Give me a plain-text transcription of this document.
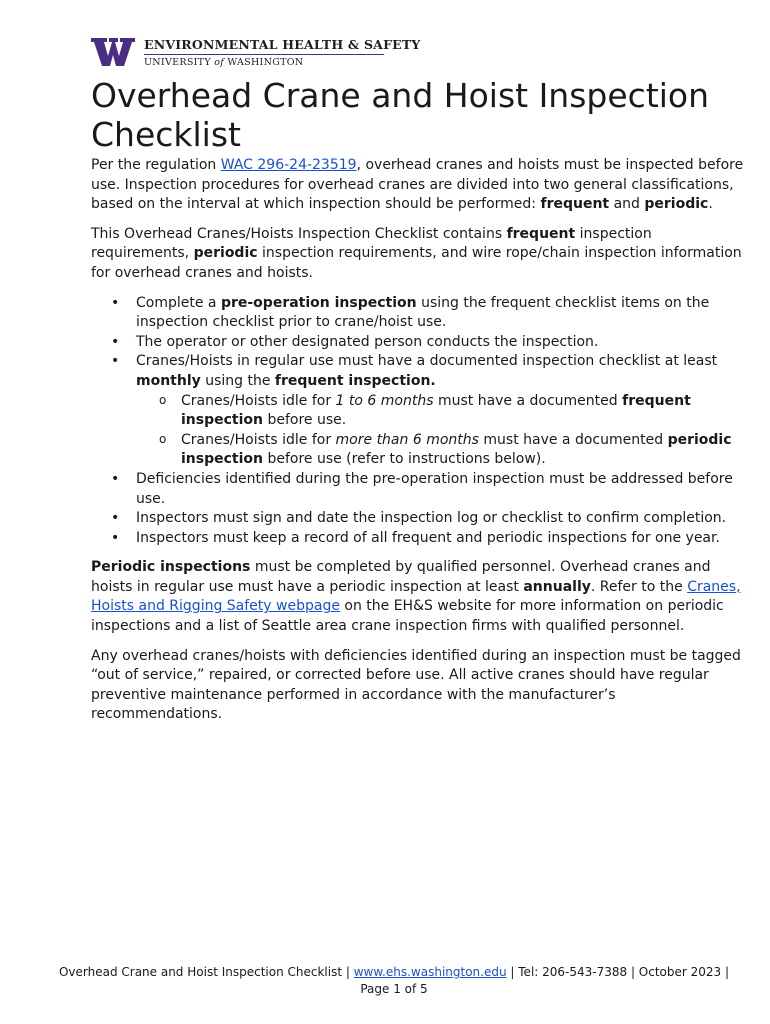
ENVIRONMENTAL HEALTH & SAFETY
UNIVERSITY of WASHINGTON
Overhead Crane and Hoist Inspection Checklist

Per the regulation WAC 296-24-23519, overhead cranes and hoists must be inspected before use. Inspection procedures for overhead cranes are divided into two general classifications, based on the interval at which inspection should be performed: frequent and periodic.

This Overhead Cranes/Hoists Inspection Checklist contains frequent inspection requirements, periodic inspection requirements, and wire rope/chain inspection information for overhead cranes and hoists.

• Complete a pre-operation inspection using the frequent checklist items on the inspection checklist prior to crane/hoist use.
• The operator or other designated person conducts the inspection.
• Cranes/Hoists in regular use must have a documented inspection checklist at least monthly using the frequent inspection.
o Cranes/Hoists idle for 1 to 6 months must have a documented frequent inspection before use.
o Cranes/Hoists idle for more than 6 months must have a documented periodic inspection before use (refer to instructions below).
• Deficiencies identified during the pre-operation inspection must be addressed before use.
• Inspectors must sign and date the inspection log or checklist to confirm completion.
• Inspectors must keep a record of all frequent and periodic inspections for one year.

Periodic inspections must be completed by qualified personnel. Overhead cranes and hoists in regular use must have a periodic inspection at least annually. Refer to the Cranes, Hoists and Rigging Safety webpage on the EH&S website for more information on periodic inspections and a list of Seattle area crane inspection firms with qualified personnel.

Any overhead cranes/hoists with deficiencies identified during an inspection must be tagged “out of service,” repaired, or corrected before use. All active cranes should have regular preventive maintenance performed in accordance with the manufacturer’s recommendations.

Overhead Crane and Hoist Inspection Checklist | www.ehs.washington.edu | Tel: 206-543-7388 | October 2023 | Page 1 of 5
